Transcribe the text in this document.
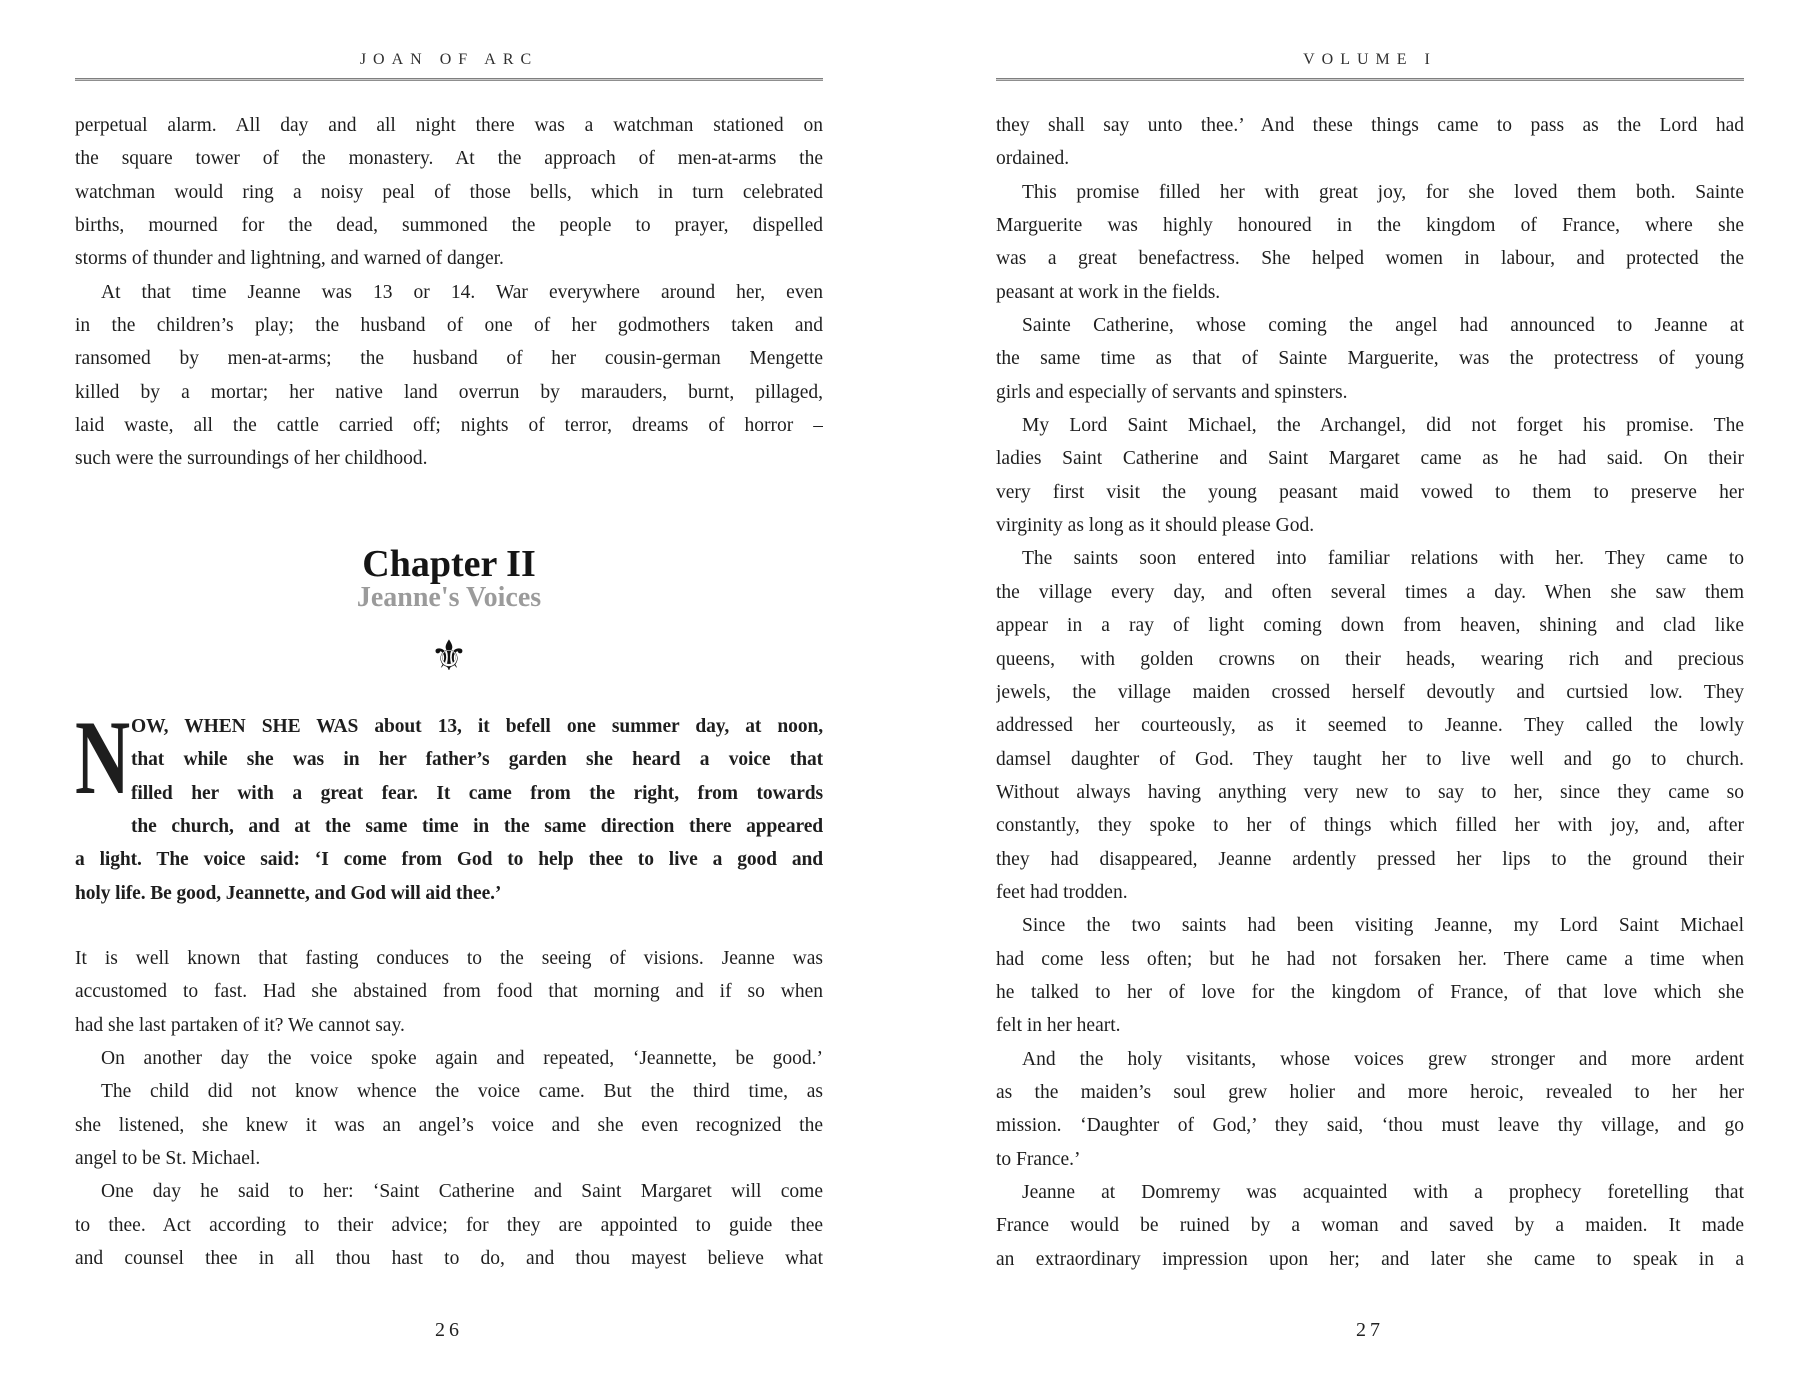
JOAN OF ARC
perpetual alarm. All day and all night there was a watchman stationed on
the square tower of the monastery. At the approach of men-at-arms the
watchman would ring a noisy peal of those bells, which in turn celebrated
births, mourned for the dead, summoned the people to prayer, dispelled
storms of thunder and lightning, and warned of danger.
At that time Jeanne was 13 or 14. War everywhere around her, even
in the children’s play; the husband of one of her godmothers taken and
ransomed by men-at-arms; the husband of her cousin-german Mengette
killed by a mortar; her native land overrun by marauders, burnt, pillaged,
laid waste, all the cattle carried off; nights of terror, dreams of horror –
such were the surroundings of her childhood.
Chapter II
Jeanne's Voices
⚜
N OW, WHEN SHE WAS about 13, it befell one summer day, at noon,
that while she was in her father’s garden she heard a voice that
filled her with a great fear. It came from the right, from towards
the church, and at the same time in the same direction there appeared
a light. The voice said: ‘I come from God to help thee to live a good and
holy life. Be good, Jeannette, and God will aid thee.’
It is well known that fasting conduces to the seeing of visions. Jeanne was
accustomed to fast. Had she abstained from food that morning and if so when
had she last partaken of it? We cannot say.
On another day the voice spoke again and repeated, ‘Jeannette, be good.’
The child did not know whence the voice came. But the third time, as
she listened, she knew it was an angel’s voice and she even recognized the
angel to be St. Michael.
One day he said to her: ‘Saint Catherine and Saint Margaret will come
to thee. Act according to their advice; for they are appointed to guide thee
and counsel thee in all thou hast to do, and thou mayest believe what
26
VOLUME I
they shall say unto thee.’ And these things came to pass as the Lord had
ordained.
This promise filled her with great joy, for she loved them both. Sainte
Marguerite was highly honoured in the kingdom of France, where she
was a great benefactress. She helped women in labour, and protected the
peasant at work in the fields.
Sainte Catherine, whose coming the angel had announced to Jeanne at
the same time as that of Sainte Marguerite, was the protectress of young
girls and especially of servants and spinsters.
My Lord Saint Michael, the Archangel, did not forget his promise. The
ladies Saint Catherine and Saint Margaret came as he had said. On their
very first visit the young peasant maid vowed to them to preserve her
virginity as long as it should please God.
The saints soon entered into familiar relations with her. They came to
the village every day, and often several times a day. When she saw them
appear in a ray of light coming down from heaven, shining and clad like
queens, with golden crowns on their heads, wearing rich and precious
jewels, the village maiden crossed herself devoutly and curtsied low. They
addressed her courteously, as it seemed to Jeanne. They called the lowly
damsel daughter of God. They taught her to live well and go to church.
Without always having anything very new to say to her, since they came so
constantly, they spoke to her of things which filled her with joy, and, after
they had disappeared, Jeanne ardently pressed her lips to the ground their
feet had trodden.
Since the two saints had been visiting Jeanne, my Lord Saint Michael
had come less often; but he had not forsaken her. There came a time when
he talked to her of love for the kingdom of France, of that love which she
felt in her heart.
And the holy visitants, whose voices grew stronger and more ardent
as the maiden’s soul grew holier and more heroic, revealed to her her
mission. ‘Daughter of God,’ they said, ‘thou must leave thy village, and go
to France.’
Jeanne at Domremy was acquainted with a prophecy foretelling that
France would be ruined by a woman and saved by a maiden. It made
an extraordinary impression upon her; and later she came to speak in a
27
